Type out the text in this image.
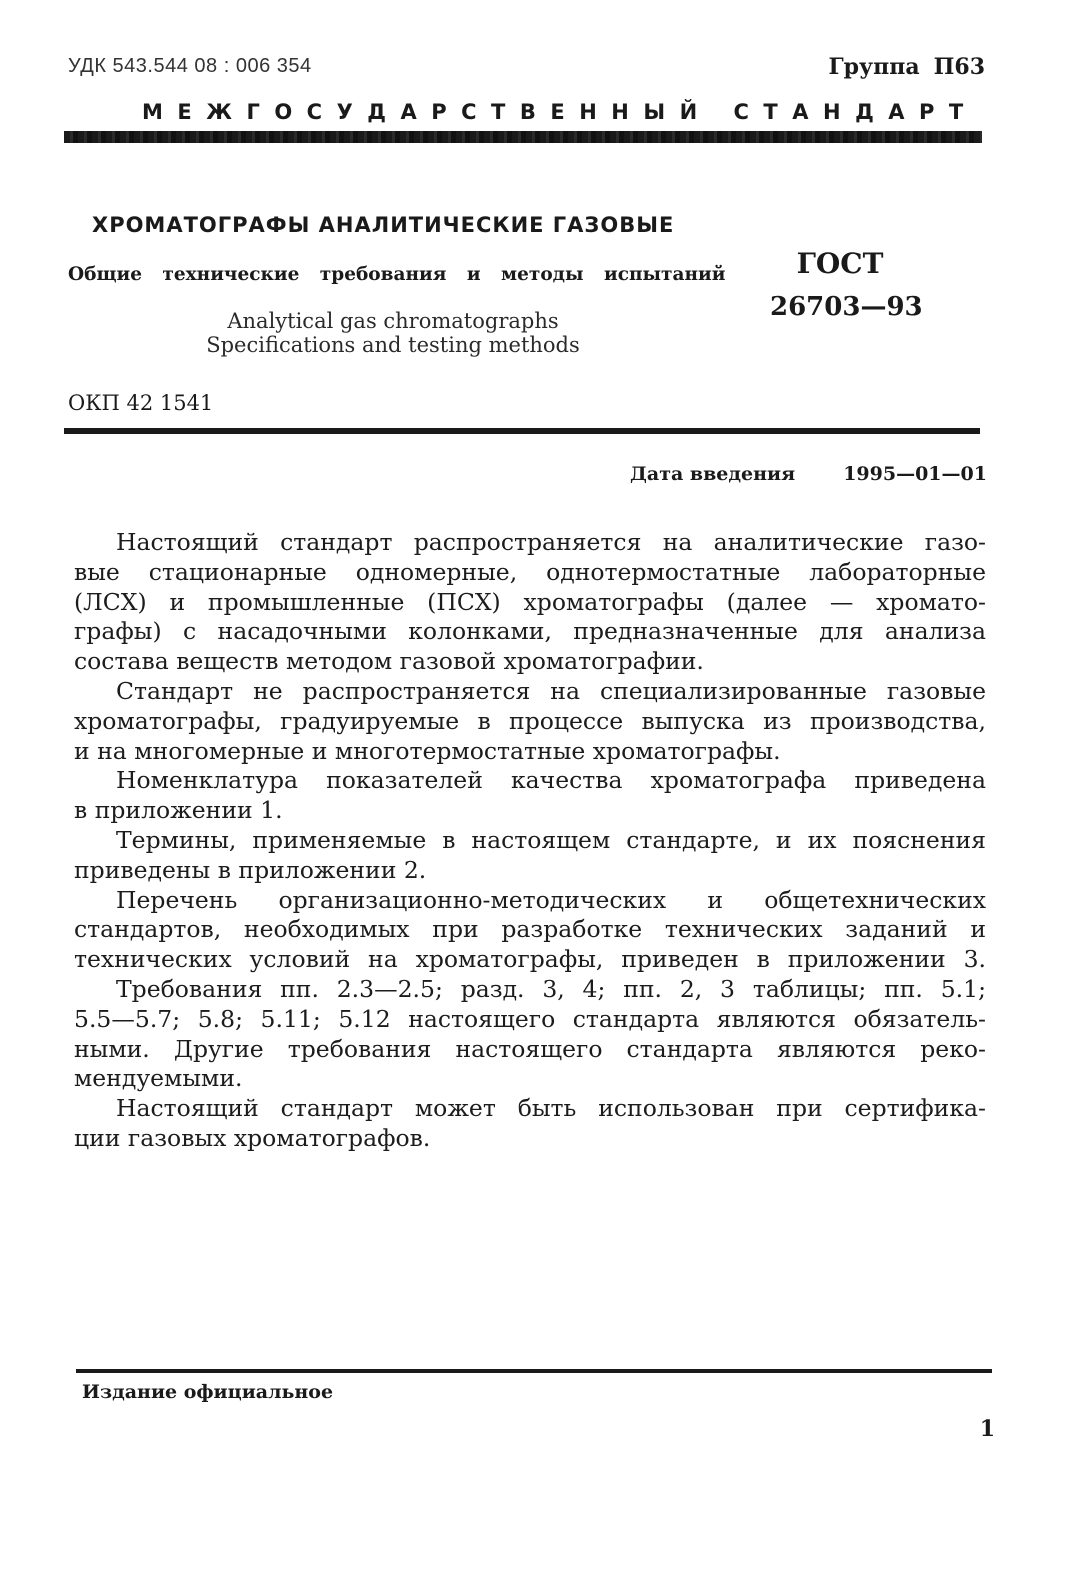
УДК 543.544 08 : 006 354	Группа П63
МЕЖГОСУДАРСТВЕННЫЙ СТАНДАРТ
ХРОМАТОГРАФЫ АНАЛИТИЧЕСКИЕ ГАЗОВЫЕ
Общие технические требования и методы испытаний
Analytical gas chromatographs
Specifications and testing methods
ГОСТ
26703—93
ОКП 42 1541
Дата введения	1995—01—01
Настоящий стандарт распространяется на аналитические газо-
вые стационарные одномерные, однотермостатные лабораторные
(ЛСХ) и промышленные (ПСХ) хроматографы (далее — хромато-
графы) с насадочными колонками, предназначенные для анализа
состава веществ методом газовой хроматографии.
Стандарт не распространяется на специализированные газовые
хроматографы, градуируемые в процессе выпуска из производства,
и на многомерные и многотермостатные хроматографы.
Номенклатура показателей качества хроматографа приведена
в приложении 1.
Термины, применяемые в настоящем стандарте, и их пояснения
приведены в приложении 2.
Перечень организационно-методических и общетехнических
стандартов, необходимых при разработке технических заданий и
технических условий на хроматографы, приведен в приложении 3.
Требования пп. 2.3—2.5; разд. 3, 4; пп. 2, 3 таблицы; пп. 5.1;
5.5—5.7; 5.8; 5.11; 5.12 настоящего стандарта являются обязатель-
ными. Другие требования настоящего стандарта являются реко-
мендуемыми.
Настоящий стандарт может быть использован при сертифика-
ции газовых хроматографов.
Издание официальное
1
